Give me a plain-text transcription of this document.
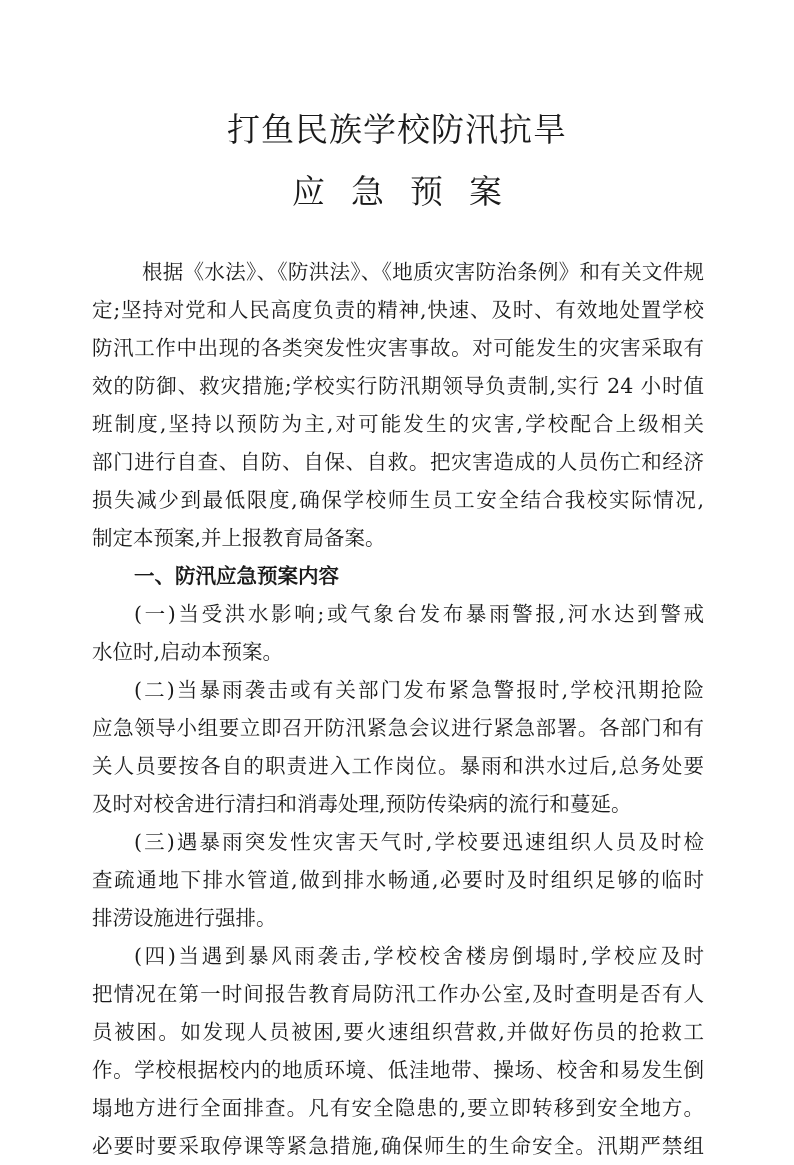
打鱼民族学校防汛抗旱
应急预案
根据《水法》、《防洪法》、《地质灾害防治条例》和有关文件规
定;坚持对党和人民高度负责的精神,快速、及时、有效地处置学校
防汛工作中出现的各类突发性灾害事故。对可能发生的灾害采取有
效的防御、救灾措施;学校实行防汛期领导负责制,实行 24 小时值
班制度,坚持以预防为主,对可能发生的灾害,学校配合上级相关
部门进行自查、自防、自保、自救。把灾害造成的人员伤亡和经济
损失减少到最低限度,确保学校师生员工安全结合我校实际情况,
制定本预案,并上报教育局备案。
一、防汛应急预案内容
(一)当受洪水影响;或气象台发布暴雨警报,河水达到警戒
水位时,启动本预案。
(二)当暴雨袭击或有关部门发布紧急警报时,学校汛期抢险
应急领导小组要立即召开防汛紧急会议进行紧急部署。各部门和有
关人员要按各自的职责进入工作岗位。暴雨和洪水过后,总务处要
及时对校舍进行清扫和消毒处理,预防传染病的流行和蔓延。
(三)遇暴雨突发性灾害天气时,学校要迅速组织人员及时检
查疏通地下排水管道,做到排水畅通,必要时及时组织足够的临时
排涝设施进行强排。
(四)当遇到暴风雨袭击,学校校舍楼房倒塌时,学校应及时
把情况在第一时间报告教育局防汛工作办公室,及时查明是否有人
员被困。如发现人员被困,要火速组织营救,并做好伤员的抢救工
作。学校根据校内的地质环境、低洼地带、操场、校舍和易发生倒
塌地方进行全面排查。凡有安全隐患的,要立即转移到安全地方。
必要时要采取停课等紧急措施,确保师生的生命安全。汛期严禁组
